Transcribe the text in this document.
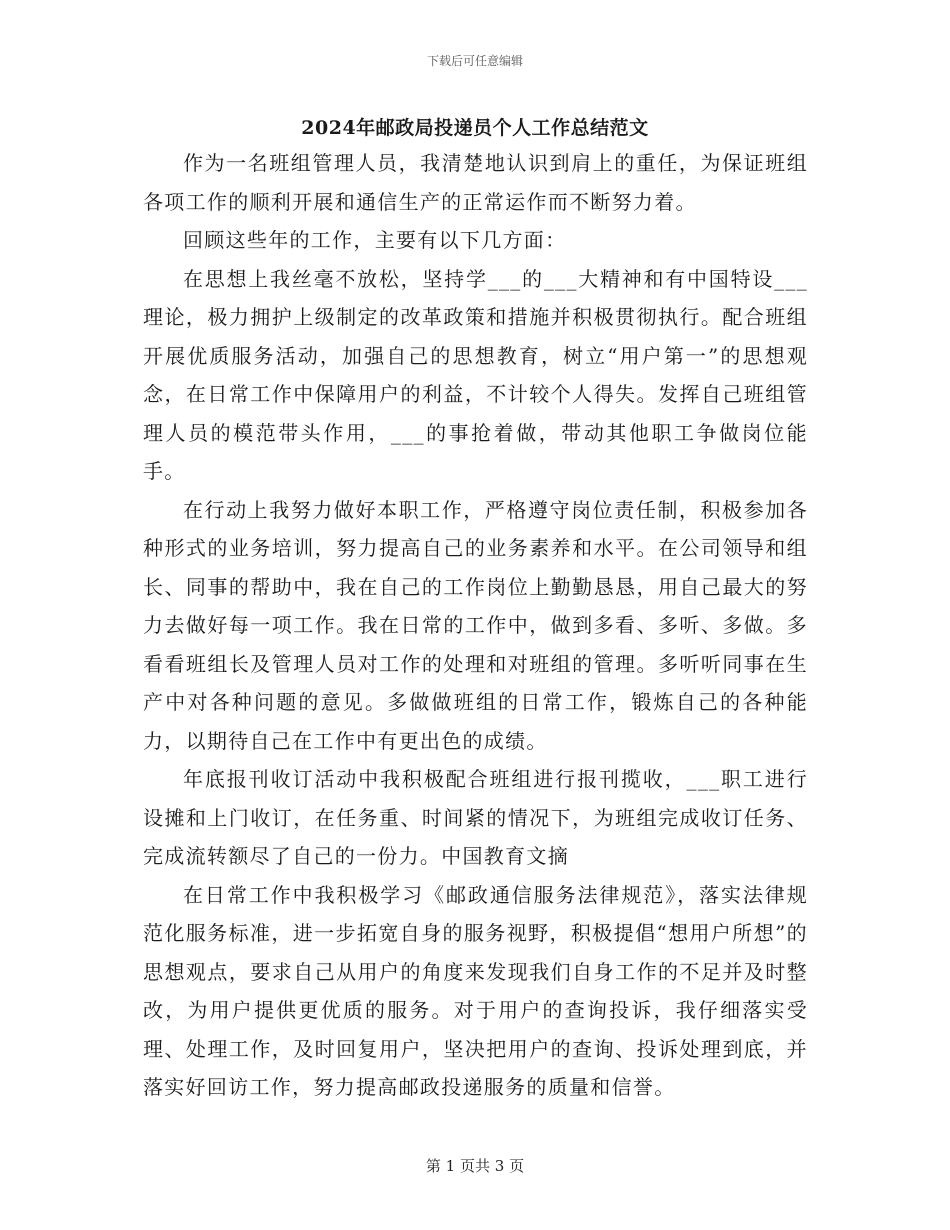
下载后可任意编辑
2024年邮政局投递员个人工作总结范文

作为一名班组管理人员，我清楚地认识到肩上的重任，为保证班组各项工作的顺利开展和通信生产的正常运作而不断努力着。

回顾这些年的工作，主要有以下几方面：

在思想上我丝毫不放松，坚持学___的___大精神和有中国特设___理论，极力拥护上级制定的改革政策和措施并积极贯彻执行。配合班组开展优质服务活动，加强自己的思想教育，树立“用户第一”的思想观念，在日常工作中保障用户的利益，不计较个人得失。发挥自己班组管理人员的模范带头作用，___的事抢着做，带动其他职工争做岗位能手。

在行动上我努力做好本职工作，严格遵守岗位责任制，积极参加各种形式的业务培训，努力提高自己的业务素养和水平。在公司领导和组长、同事的帮助中，我在自己的工作岗位上勤勤恳恳，用自己最大的努力去做好每一项工作。我在日常的工作中，做到多看、多听、多做。多看看班组长及管理人员对工作的处理和对班组的管理。多听听同事在生产中对各种问题的意见。多做做班组的日常工作，锻炼自己的各种能力，以期待自己在工作中有更出色的成绩。

年底报刊收订活动中我积极配合班组进行报刊揽收，___职工进行设摊和上门收订，在任务重、时间紧的情况下，为班组完成收订任务、完成流转额尽了自己的一份力。中国教育文摘

在日常工作中我积极学习《邮政通信服务法律规范》，落实法律规范化服务标准，进一步拓宽自身的服务视野，积极提倡“想用户所想”的思想观点，要求自己从用户的角度来发现我们自身工作的不足并及时整改，为用户提供更优质的服务。对于用户的查询投诉，我仔细落实受理、处理工作，及时回复用户，坚决把用户的查询、投诉处理到底，并落实好回访工作，努力提高邮政投递服务的质量和信誉。

第 1 页共 3 页
